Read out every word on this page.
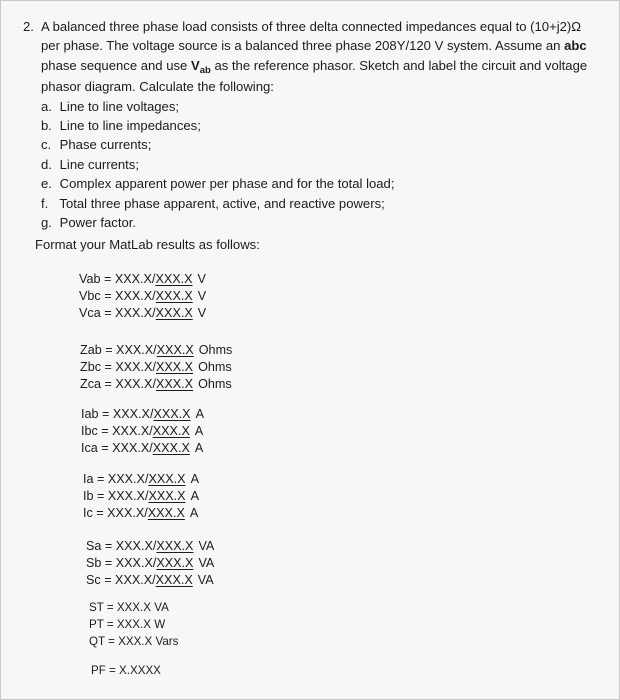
2. A balanced three phase load consists of three delta connected impedances equal to (10+j2)Ω per phase. The voltage source is a balanced three phase 208Y/120 V system. Assume an abc phase sequence and use $V_{ab}$ as the reference phasor. Sketch and label the circuit and voltage phasor diagram. Calculate the following:
a. Line to line voltages;
b. Line to line impedances;
c. Phase currents;
d. Line currents;
e. Complex apparent power per phase and for the total load;
f. Total three phase apparent, active, and reactive powers;
g. Power factor.
Format your MatLab results as follows:
Vab = XXX.X/XXX.X V
Vbc = XXX.X/XXX.X V
Vca = XXX.X/XXX.X V
Zab = XXX.X/XXX.X Ohms
Zbc = XXX.X/XXX.X Ohms
Zca = XXX.X/XXX.X Ohms
Iab = XXX.X/XXX.X A
Ibc = XXX.X/XXX.X A
Ica = XXX.X/XXX.X A
Ia = XXX.X/XXX.X A
Ib = XXX.X/XXX.X A
Ic = XXX.X/XXX.X A
Sa = XXX.X/XXX.X VA
Sb = XXX.X/XXX.X VA
Sc = XXX.X/XXX.X VA
ST = XXX.X VA
PT = XXX.X W
QT = XXX.X Vars
PF = X.XXXX
